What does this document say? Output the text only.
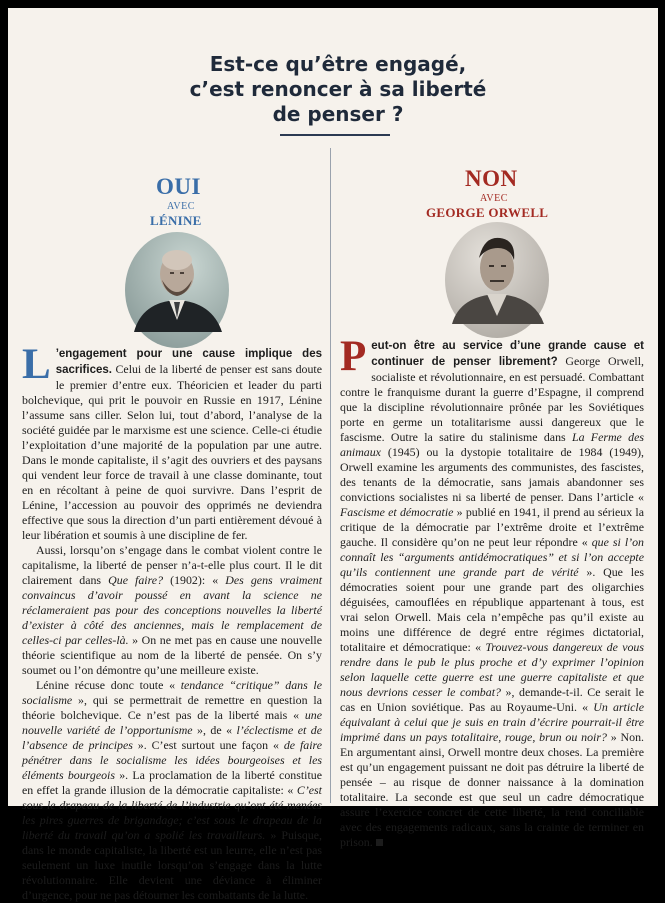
Est-ce qu’être engagé,
c’est renoncer à sa liberté
de penser ?
OUI
AVEC
LÉNINE
NON
AVEC
GEORGE ORWELL

L ’engagement pour une cause implique des sacrifices. Celui de la liberté de penser est sans doute le premier d’entre eux. Théoricien et leader du parti bolchevique, qui prit le pouvoir en Russie en 1917, Lénine l’assume sans ciller. Selon lui, tout d’abord, l’analyse de la société guidée par le marxisme est une science. Celle-ci étudie l’exploitation d’une majorité de la population par une autre. Dans le monde capitaliste, il s’agit des ouvriers et des paysans qui vendent leur force de travail à une classe dominante, tout en en récoltant à peine de quoi survivre. Dans l’esprit de Lénine, l’accession au pouvoir des opprimés ne deviendra effective que sous la direction d’un parti entièrement dévoué à leur libération et soumis à une discipline de fer.

Aussi, lorsqu’on s’engage dans le combat violent contre le capitalisme, la liberté de penser n’a-t-elle plus court. Il le dit clairement dans Que faire? (1902): « Des gens vraiment convaincus d’avoir poussé en avant la science ne réclameraient pas pour des conceptions nouvelles la liberté d’exister à côté des anciennes, mais le remplacement de celles-ci par celles-là. » On ne met pas en cause une nouvelle théorie scientifique au nom de la liberté de pensée. On s’y soumet ou l’on démontre qu’une meilleure existe.

Lénine récuse donc toute « tendance “critique” dans le socialisme », qui se permettrait de remettre en question la théorie bolchevique. Ce n’est pas de la liberté mais « une nouvelle variété de l’opportunisme », de « l’éclectisme et de l’absence de principes ». C’est surtout une façon « de faire pénétrer dans le socialisme les idées bourgeoises et les éléments bourgeois ». La proclamation de la liberté constitue en effet la grande illusion de la démocratie capitaliste: « C’est sous le drapeau de la liberté de l’industrie qu’ont été menées les pires guerres de brigandage; c’est sous le drapeau de la liberté du travail qu’on a spolié les travailleurs. » Puisque, dans le monde capitaliste, la liberté est un leurre, elle n’est pas seulement un luxe inutile lorsqu’on s’engage dans la lutte révolutionnaire. Elle devient une déviance à éliminer d’urgence, pour ne pas détourner les combattants de la lutte.

Peut-on être au service d’une grande cause et continuer de penser librement? George Orwell, socialiste et révolutionnaire, en est persuadé. Combattant contre le franquisme durant la guerre d’Espagne, il comprend que la discipline révolutionnaire prônée par les Soviétiques porte en germe un totalitarisme aussi dangereux que le fascisme. Outre la satire du stalinisme dans La Ferme des animaux (1945) ou la dystopie totalitaire de 1984 (1949), Orwell examine les arguments des communistes, des fascistes, des tenants de la démocratie, sans jamais abandonner ses convictions socialistes ni sa liberté de penser. Dans l’article « Fascisme et démocratie » publié en 1941, il prend au sérieux la critique de la démocratie par l’extrême droite et l’extrême gauche. Il considère qu’on ne peut leur répondre « que si l’on connaît les “arguments antidémocratiques” et si l’on accepte qu’ils contiennent une grande part de vérité ». Que les démocraties soient pour une grande part des oligarchies déguisées, camouflées en république appartenant à tous, est vrai selon Orwell. Mais cela n’empêche pas qu’il existe au moins une différence de degré entre régimes dictatorial, totalitaire et démocratique: « Trouvez-vous dangereux de vous rendre dans le pub le plus proche et d’y exprimer l’opinion selon laquelle cette guerre est une guerre capitaliste et que nous devrions cesser le combat? », demande-t-il. Ce serait le cas en Union soviétique. Pas au Royaume-Uni. « Un article équivalant à celui que je suis en train d’écrire pourrait-il être imprimé dans un pays totalitaire, rouge, brun ou noir? » Non. En argumentant ainsi, Orwell montre deux choses. La première est qu’un engagement puissant ne doit pas détruire la liberté de pensée – au risque de donner naissance à la domination totalitaire. La seconde est que seul un cadre démocratique assure l’exercice concret de cette liberté, la rend conciliable avec des engagements radicaux, sans la crainte de terminer en prison.
